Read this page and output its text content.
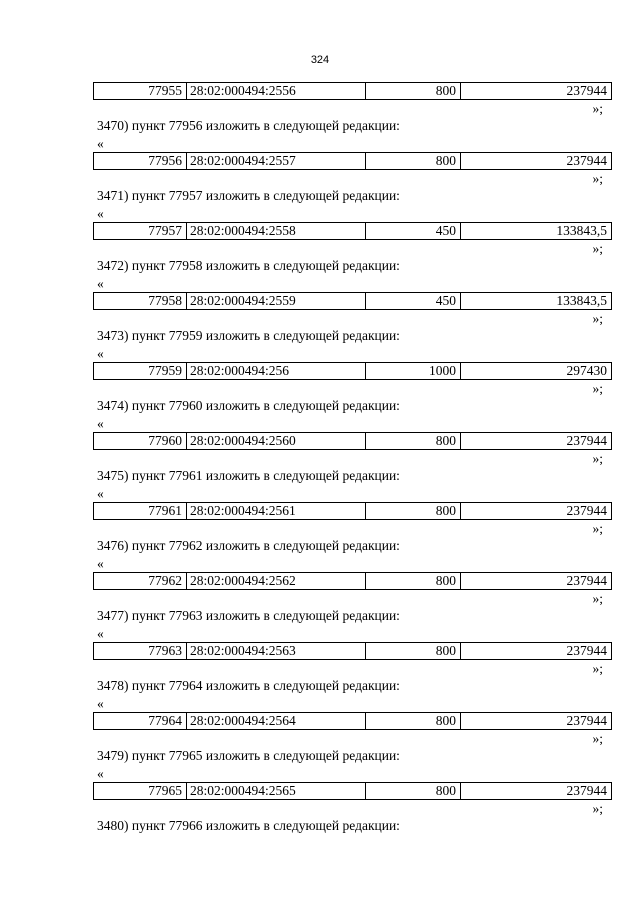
324
77955	28:02:000494:2556	800	237944
»;
3470) пункт 77956 изложить в следующей редакции:
«
77956	28:02:000494:2557	800	237944
»;
3471) пункт 77957 изложить в следующей редакции:
«
77957	28:02:000494:2558	450	133843,5
»;
3472) пункт 77958 изложить в следующей редакции:
«
77958	28:02:000494:2559	450	133843,5
»;
3473) пункт 77959 изложить в следующей редакции:
«
77959	28:02:000494:256	1000	297430
»;
3474) пункт 77960 изложить в следующей редакции:
«
77960	28:02:000494:2560	800	237944
»;
3475) пункт 77961 изложить в следующей редакции:
«
77961	28:02:000494:2561	800	237944
»;
3476) пункт 77962 изложить в следующей редакции:
«
77962	28:02:000494:2562	800	237944
»;
3477) пункт 77963 изложить в следующей редакции:
«
77963	28:02:000494:2563	800	237944
»;
3478) пункт 77964 изложить в следующей редакции:
«
77964	28:02:000494:2564	800	237944
»;
3479) пункт 77965 изложить в следующей редакции:
«
77965	28:02:000494:2565	800	237944
»;
3480) пункт 77966 изложить в следующей редакции:
